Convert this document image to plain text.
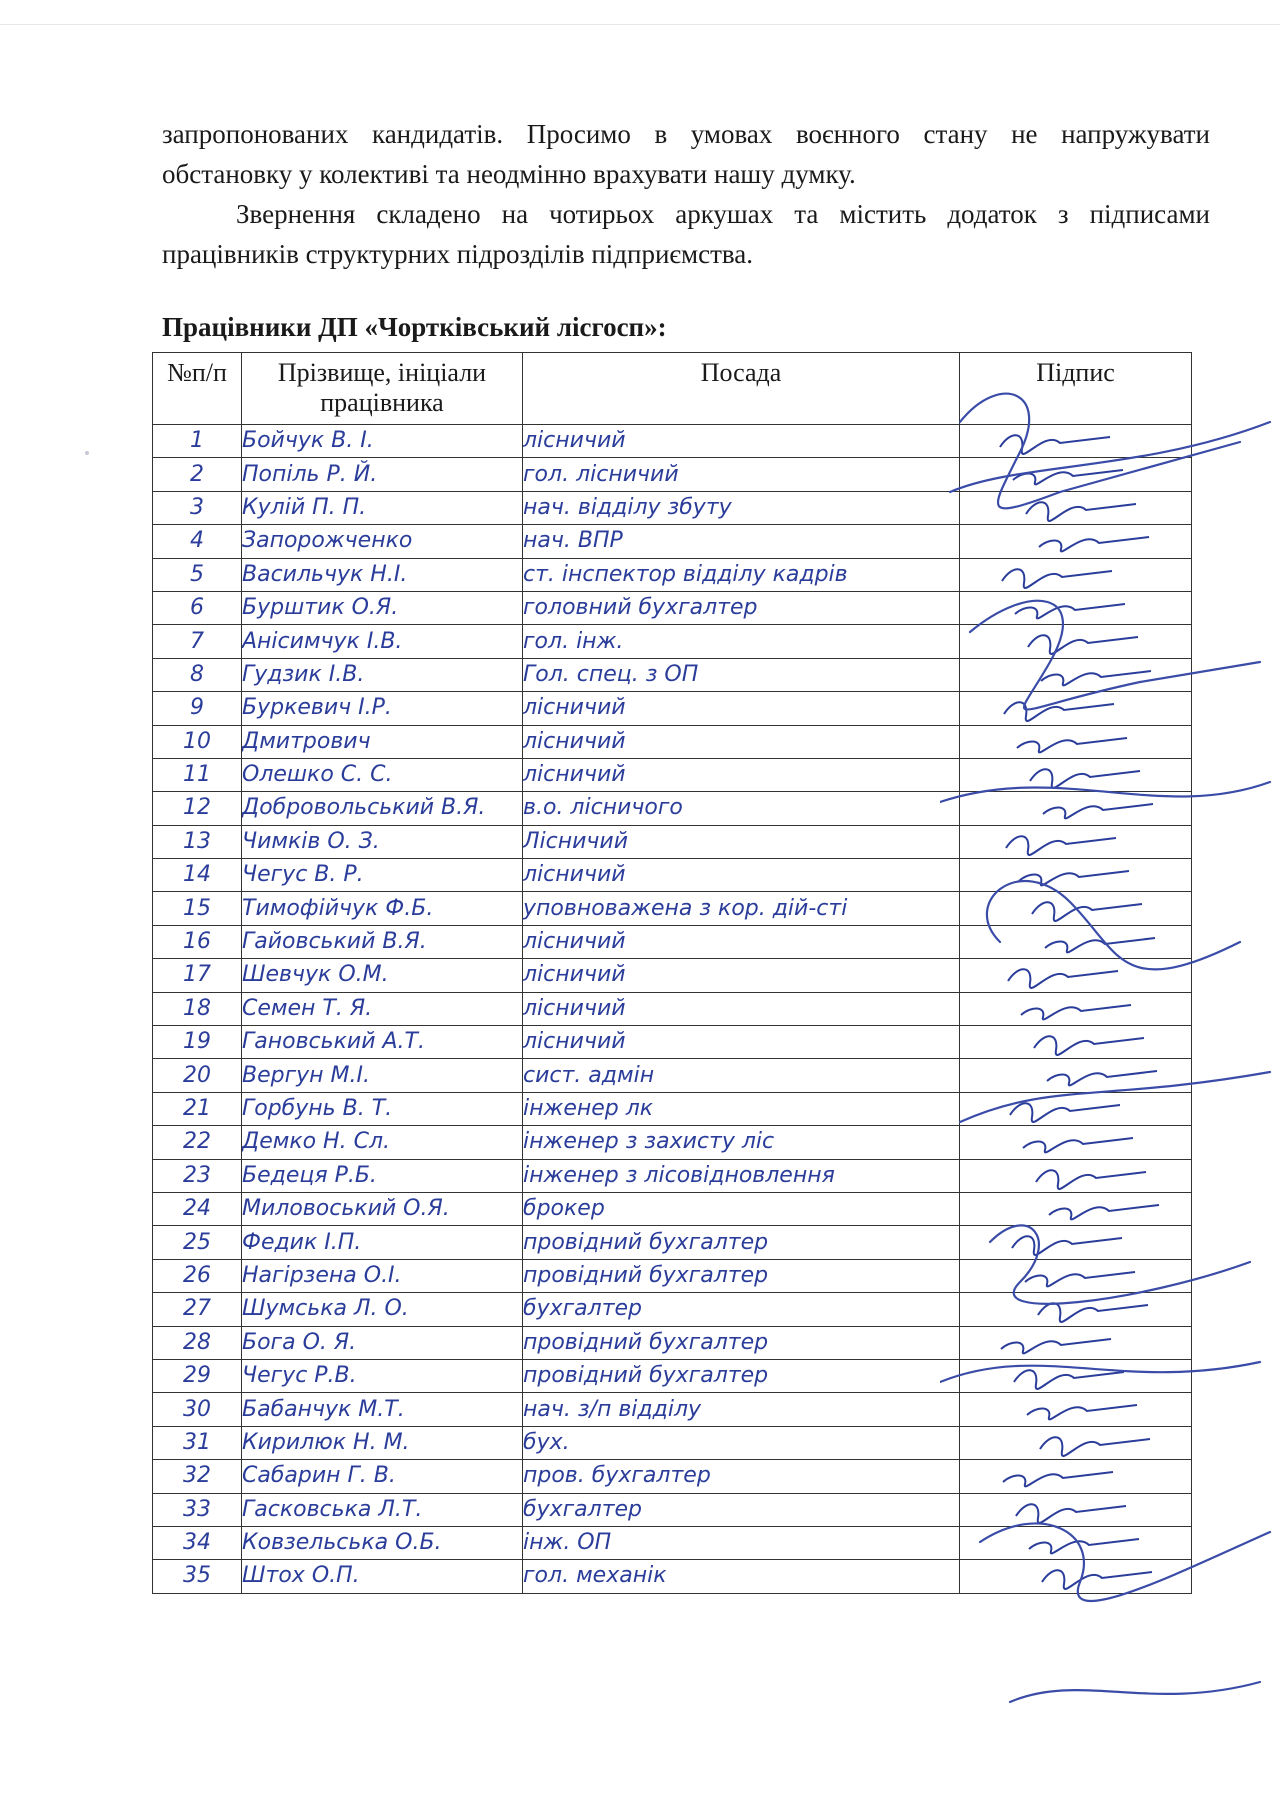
запропонованих кандидатів. Просимо в умовах воєнного стану не напружувати обстановку у колективі та неодмінно врахувати нашу думку.

Звернення складено на чотирьох аркушах та містить додаток з підписами працівників структурних підрозділів підприємства.

Працівники ДП «Чортківський лісгосп»:
№п/п	Прізвище, ініціали працівника	Посада	Підпис
1	Бойчук В. І.	лісничий	

2	Попіль Р. Й.	гол. лісничий	

3	Кулій П. П.	нач. відділу збуту	

4	Запорожченко	нач. ВПР	

5	Васильчук Н.І.	ст. інспектор відділу кадрів	

6	Бурштик О.Я.	головний бухгалтер	

7	Анісимчук І.В.	гол. інж.	

8	Гудзик І.В.	Гол. спец. з ОП	

9	Буркевич І.Р.	лісничий	

10	Дмитрович	лісничий	

11	Олешко С. С.	лісничий	

12	Добровольський В.Я.	в.о. лісничого	

13	Чимків О. З.	Лісничий	

14	Чегус В. Р.	лісничий	

15	Тимофійчук Ф.Б.	уповноважена з кор. дій-сті	

16	Гайовський В.Я.	лісничий	

17	Шевчук О.М.	лісничий	

18	Семен Т. Я.	лісничий	

19	Гановський А.Т.	лісничий	

20	Вергун М.І.	сист. адмін	

21	Горбунь В. Т.	інженер лк	

22	Демко Н. Сл.	інженер з захисту ліс	

23	Бедеця Р.Б.	інженер з лісовідновлення	

24	Миловоський О.Я.	брокер	

25	Федик І.П.	провідний бухгалтер	

26	Нагірзена О.І.	провідний бухгалтер	

27	Шумська Л. О.	бухгалтер	

28	Бога О. Я.	провідний бухгалтер	

29	Чегус Р.В.	провідний бухгалтер	

30	Бабанчук М.Т.	нач. з/п відділу	

31	Кирилюк Н. М.	бух.	

32	Сабарин Г. В.	пров. бухгалтер	

33	Гасковська Л.Т.	бухгалтер	

34	Ковзельська О.Б.	інж. ОП	

35	Штох О.П.	гол. механік	
